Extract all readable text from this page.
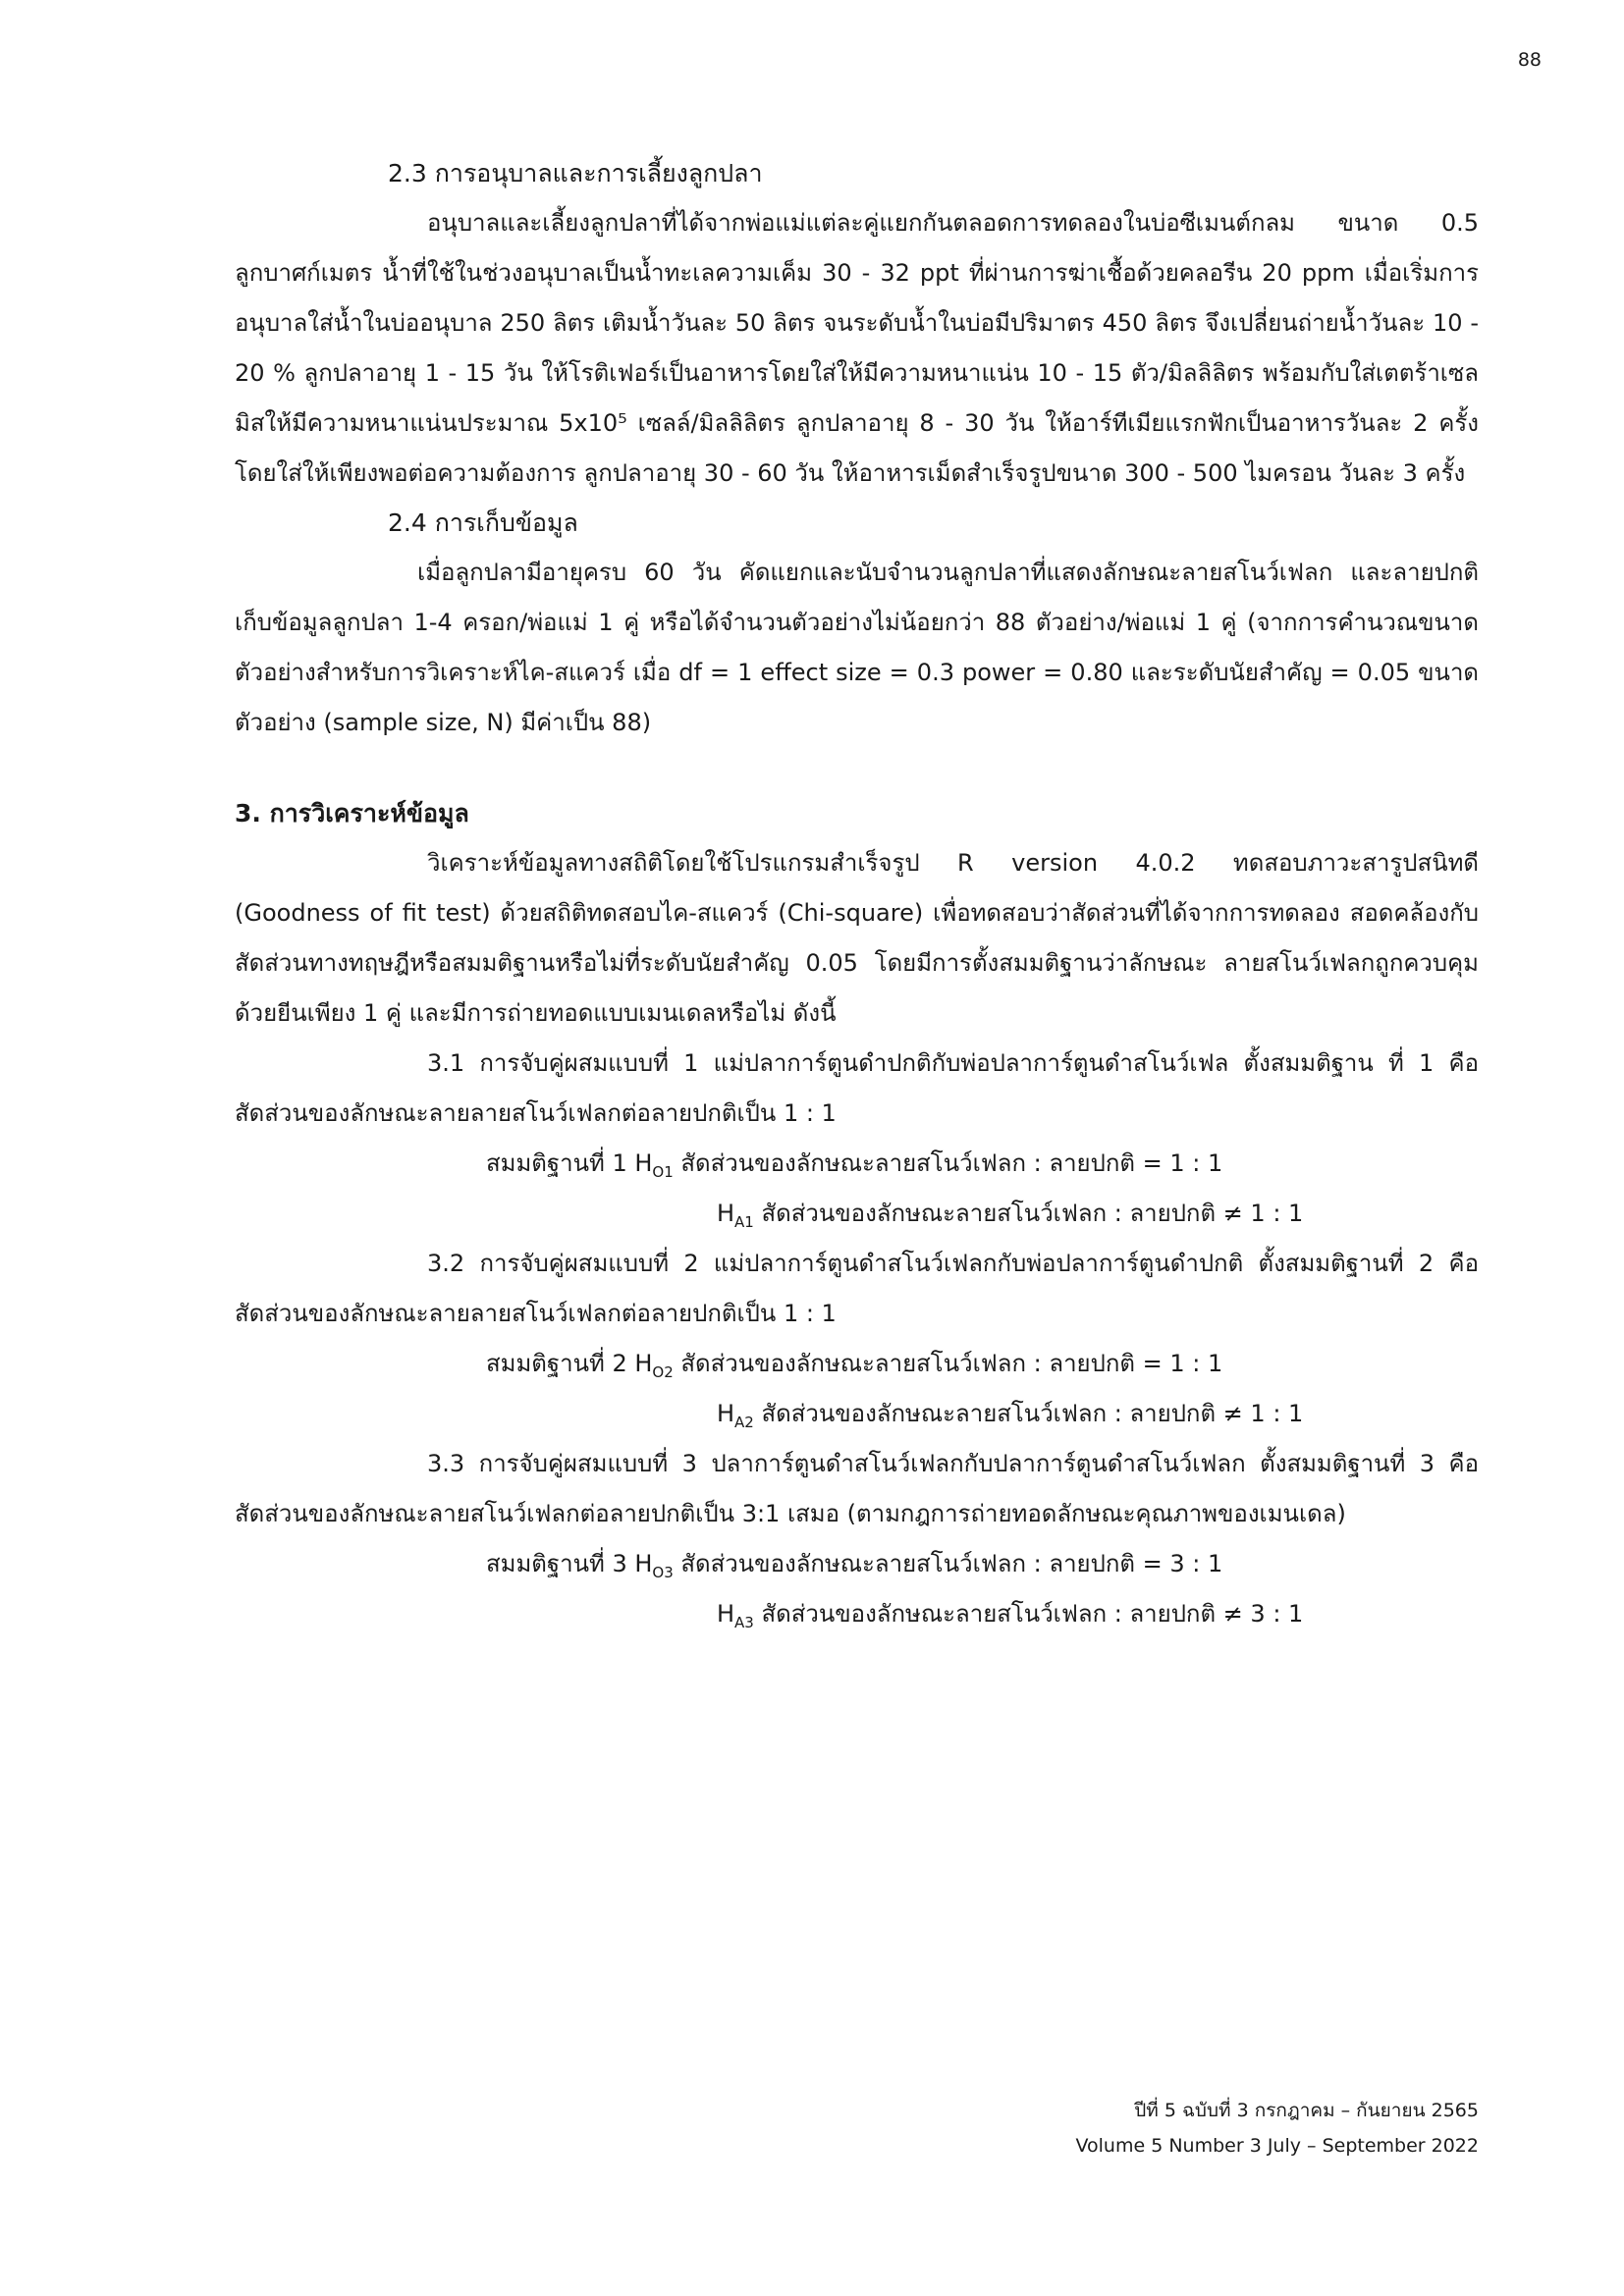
88
2.3 การอนุบาลและการเลี้ยงลูกปลา
อนุบาลและเลี้ยงลูกปลาที่ได้จากพ่อแม่แต่ละคู่แยกกันตลอดการทดลองในบ่อซีเมนต์กลม ขนาด 0.5 ลูกบาศก์เมตร น้ำที่ใช้ในช่วงอนุบาลเป็นน้ำทะเลความเค็ม 30 - 32 ppt ที่ผ่านการฆ่าเชื้อด้วยคลอรีน 20 ppm เมื่อเริ่มการอนุบาลใส่น้ำในบ่ออนุบาล 250 ลิตร เติมน้ำวันละ 50 ลิตร จนระดับน้ำในบ่อมีปริมาตร 450 ลิตร จึงเปลี่ยนถ่ายน้ำวันละ 10 - 20 % ลูกปลาอายุ 1 - 15 วัน ให้โรติเฟอร์เป็นอาหารโดยใส่ให้มีความหนาแน่น 10 - 15 ตัว/มิลลิลิตร พร้อมกับใส่เตตร้าเซลมิสให้มีความหนาแน่นประมาณ 5x10⁵ เซลล์/มิลลิลิตร ลูกปลาอายุ 8 - 30 วัน ให้อาร์ทีเมียแรกฟักเป็นอาหารวันละ 2 ครั้ง โดยใส่ให้เพียงพอต่อความต้องการ ลูกปลาอายุ 30 - 60 วัน ให้อาหารเม็ดสำเร็จรูปขนาด 300 - 500 ไมครอน วันละ 3 ครั้ง
2.4 การเก็บข้อมูล
เมื่อลูกปลามีอายุครบ 60 วัน คัดแยกและนับจำนวนลูกปลาที่แสดงลักษณะลายสโนว์เฟลก และลายปกติ เก็บข้อมูลลูกปลา 1-4 ครอก/พ่อแม่ 1 คู่ หรือได้จำนวนตัวอย่างไม่น้อยกว่า 88 ตัวอย่าง/พ่อแม่ 1 คู่ (จากการคำนวณขนาดตัวอย่างสำหรับการวิเคราะห์ไค-สแควร์ เมื่อ df = 1 effect size = 0.3 power = 0.80 และระดับนัยสำคัญ = 0.05 ขนาดตัวอย่าง (sample size, N) มีค่าเป็น 88)
3. การวิเคราะห์ข้อมูล
วิเคราะห์ข้อมูลทางสถิติโดยใช้โปรแกรมสำเร็จรูป R version 4.0.2 ทดสอบภาวะสารูปสนิทดี (Goodness of fit test) ด้วยสถิติทดสอบไค-สแควร์ (Chi-square) เพื่อทดสอบว่าสัดส่วนที่ได้จากการทดลอง สอดคล้องกับสัดส่วนทางทฤษฎีหรือสมมติฐานหรือไม่ที่ระดับนัยสำคัญ 0.05 โดยมีการตั้งสมมติฐานว่าลักษณะ ลายสโนว์เฟลกถูกควบคุมด้วยยีนเพียง 1 คู่ และมีการถ่ายทอดแบบเมนเดลหรือไม่ ดังนี้
3.1 การจับคู่ผสมแบบที่ 1 แม่ปลาการ์ตูนดำปกติกับพ่อปลาการ์ตูนดำสโนว์เฟล ตั้งสมมติฐาน ที่ 1 คือ สัดส่วนของลักษณะลายลายสโนว์เฟลกต่อลายปกติเป็น 1 : 1
สมมติฐานที่ 1 $H_{O1}$ สัดส่วนของลักษณะลายสโนว์เฟลก : ลายปกติ = 1 : 1
$H_{A1}$ สัดส่วนของลักษณะลายสโนว์เฟลก : ลายปกติ ≠ 1 : 1
3.2 การจับคู่ผสมแบบที่ 2 แม่ปลาการ์ตูนดำสโนว์เฟลกกับพ่อปลาการ์ตูนดำปกติ ตั้งสมมติฐานที่ 2 คือ สัดส่วนของลักษณะลายลายสโนว์เฟลกต่อลายปกติเป็น 1 : 1
สมมติฐานที่ 2 $H_{O2}$ สัดส่วนของลักษณะลายสโนว์เฟลก : ลายปกติ = 1 : 1
$H_{A2}$ สัดส่วนของลักษณะลายสโนว์เฟลก : ลายปกติ ≠ 1 : 1
3.3 การจับคู่ผสมแบบที่ 3 ปลาการ์ตูนดำสโนว์เฟลกกับปลาการ์ตูนดำสโนว์เฟลก ตั้งสมมติฐานที่ 3 คือ สัดส่วนของลักษณะลายสโนว์เฟลกต่อลายปกติเป็น 3:1 เสมอ (ตามกฎการถ่ายทอดลักษณะคุณภาพของเมนเดล)
สมมติฐานที่ 3 $H_{O3}$ สัดส่วนของลักษณะลายสโนว์เฟลก : ลายปกติ = 3 : 1
$H_{A3}$ สัดส่วนของลักษณะลายสโนว์เฟลก : ลายปกติ ≠ 3 : 1
ปีที่ 5 ฉบับที่ 3 กรกฎาคม – กันยายน 2565
Volume 5 Number 3 July – September 2022
